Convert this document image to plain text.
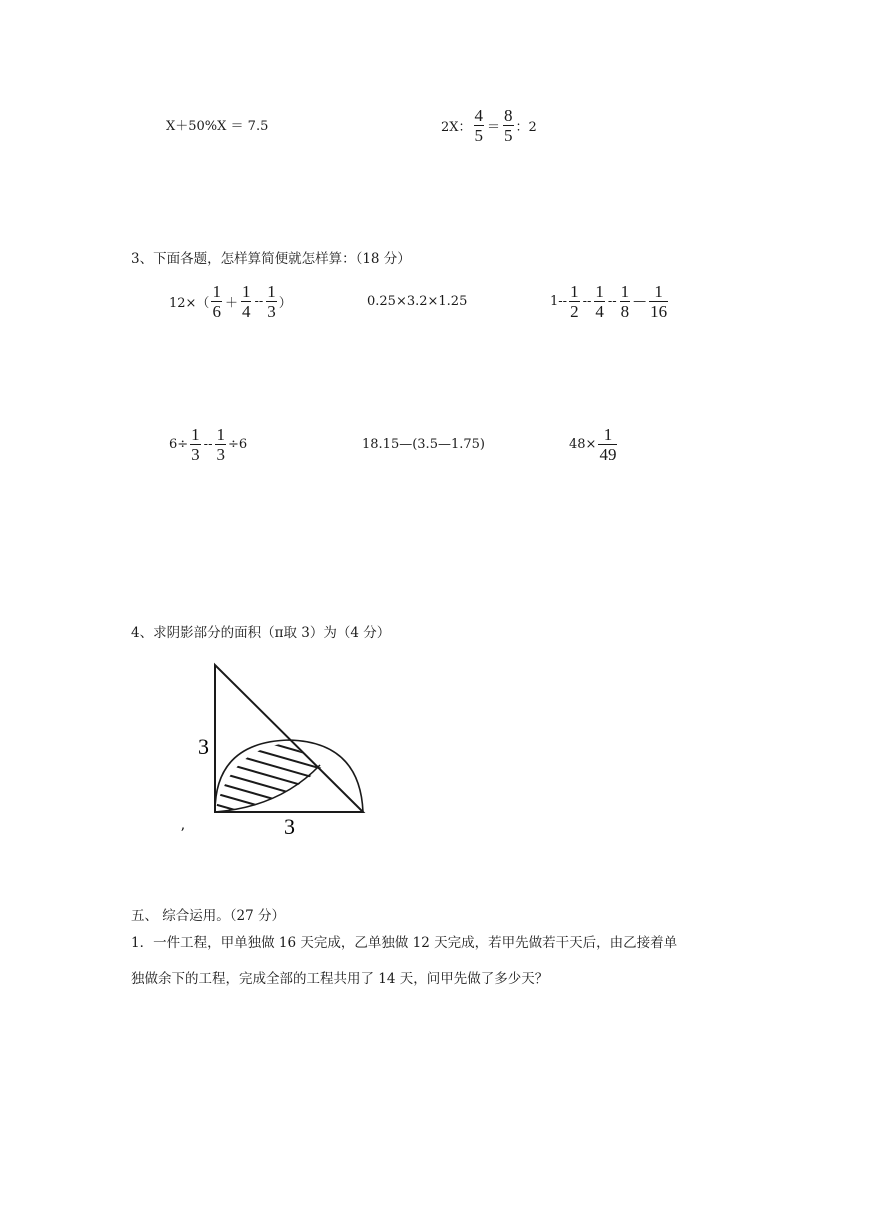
X＋50%X ＝ 7.5	2X： $\frac{4}{5} = \frac{8}{5}$ ：2
3、下面各题，怎样算简便就怎样算：（18 分）
$12\times( \frac{1}{6} + \frac{1}{4} -- \frac{1}{3}$ ）	0.25×3.2×1.25	$1-- \frac{1}{2} -- \frac{1}{4} -- \frac{1}{8}$ — $\frac{1}{16}$
$6\div \frac{1}{3} -- \frac{1}{3} \div 6$	18.15—(3.5—1.75)	$48\times \frac{1}{49}$
4、求阴影部分的面积（π取 3）为（4 分）
3
3
ʼ
五、 综合运用。（27 分）
1．一件工程，甲单独做 16 天完成，乙单独做 12 天完成，若甲先做若干天后，由乙接着单
独做余下的工程，完成全部的工程共用了 14 天，问甲先做了多少天？
